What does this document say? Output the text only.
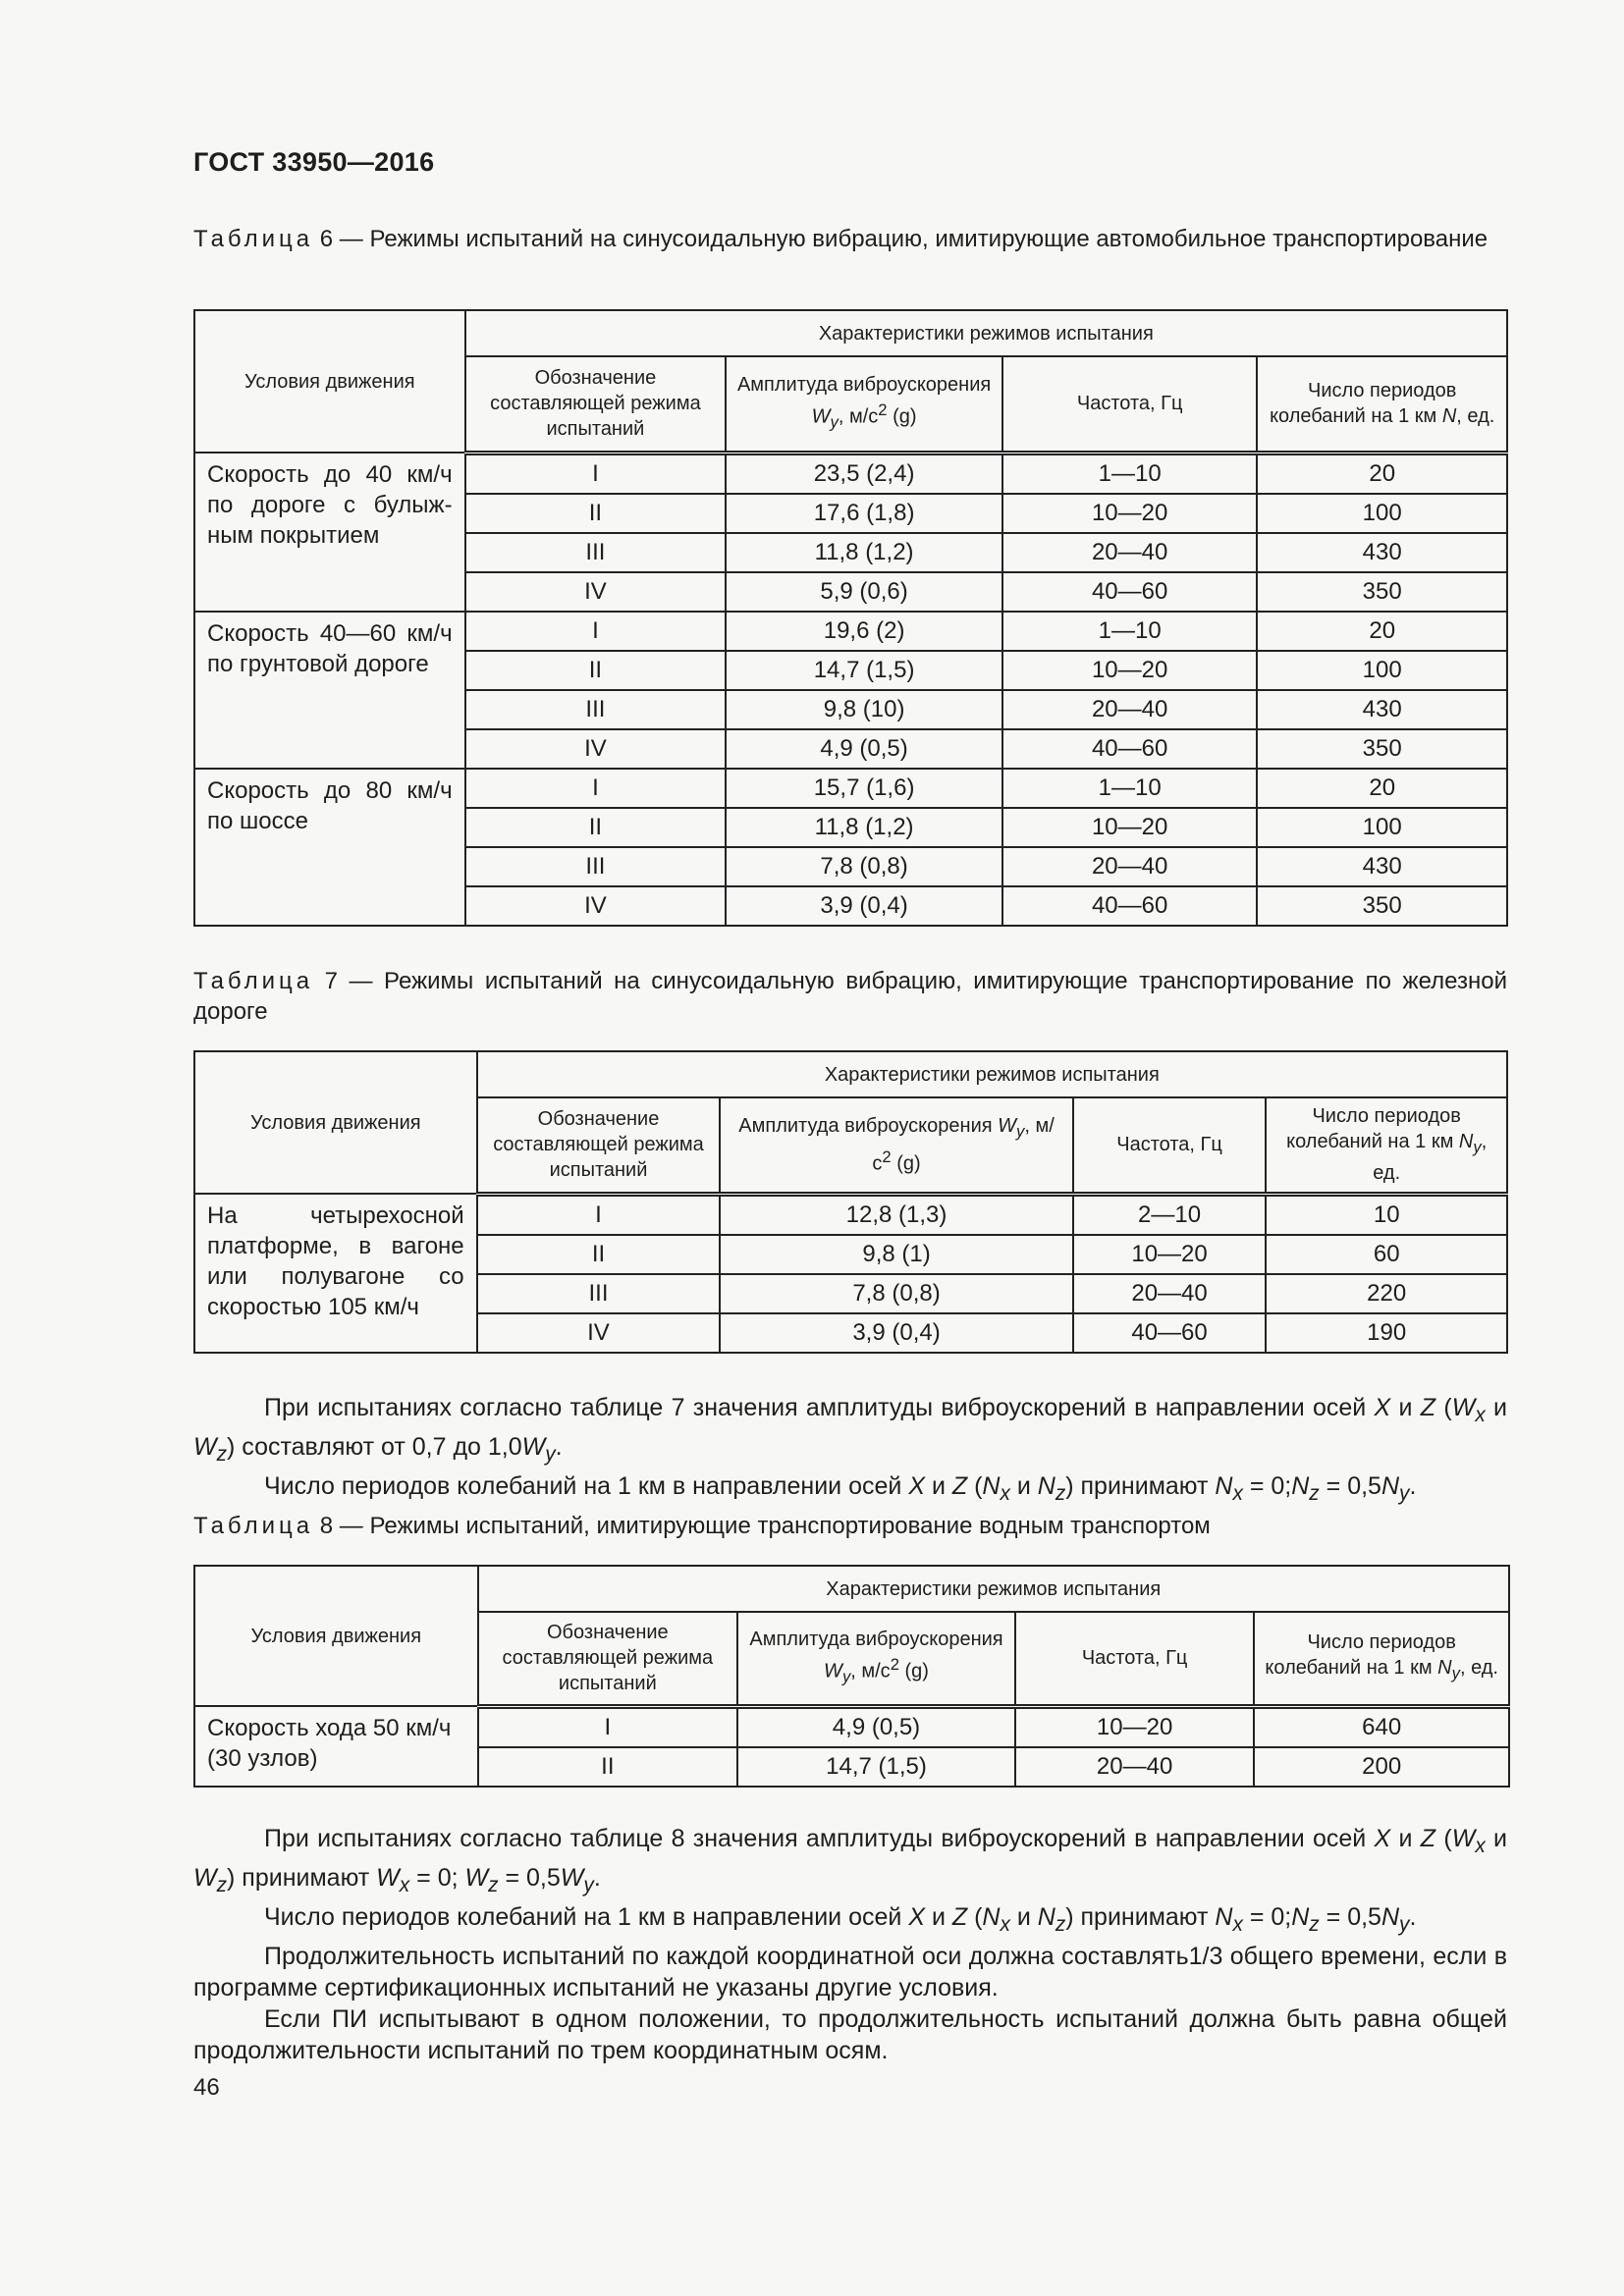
ГОСТ 33950—2016
Таблица 6 — Режимы испытаний на синусоидальную вибрацию, имитирующие автомобильное транспортирование
Условия движения	Характеристики режимов испытания			
	Обозначение составляющей режима испытаний	Амплитуда виброускорения $W_y$, $м/с^2$ (g)	Частота, Гц	Число периодов колебаний на 1 км N, ед.
Скорость до 40 км/ч по дороге с булыжным покрытием	I	23,5 (2,4)	1—10	20
	II	17,6 (1,8)	10—20	100
	III	11,8 (1,2)	20—40	430
	IV	5,9 (0,6)	40—60	350
Скорость 40—60 км/ч по грунтовой дороге	I	19,6 (2)	1—10	20
	II	14,7 (1,5)	10—20	100
	III	9,8 (10)	20—40	430
	IV	4,9 (0,5)	40—60	350
Скорость до 80 км/ч по шоссе	I	15,7 (1,6)	1—10	20
	II	11,8 (1,2)	10—20	100
	III	7,8 (0,8)	20—40	430
	IV	3,9 (0,4)	40—60	350
Таблица 7 — Режимы испытаний на синусоидальную вибрацию, имитирующие транспортирование по железной дороге
Условия движения	Характеристики режимов испытания			
	Обозначение составляющей режима испытаний	Амплитуда виброускорения $W_y$, $м/с^2$ (g)	Частота, Гц	Число периодов колебаний на 1 км $N_y$, ед.
На четырехосной платформе, в вагоне или полувагоне со скоростью 105 км/ч	I	12,8 (1,3)	2—10	10
	II	9,8 (1)	10—20	60
	III	7,8 (0,8)	20—40	220
	IV	3,9 (0,4)	40—60	190

При испытаниях согласно таблице 7 значения амплитуды виброускорений в направлении осей X и Z ($W_x$ и $W_z$) составляют от 0,7 до $1,0W_y$.

Число периодов колебаний на 1 км в направлении осей X и Z ($N_x$ и $N_z$) принимают $N_x$ = $0;N_z = 0,5N_y$.

Таблица 8 — Режимы испытаний, имитирующие транспортирование водным транспортом
Условия движения	Характеристики режимов испытания			
	Обозначение составляющей режима испытаний	Амплитуда виброускорения $W_y$, $м/с^2$ (g)	Частота, Гц	Число периодов колебаний на 1 км $N_y$, ед.
Скорость хода 50 км/ч (30 узлов)	I	4,9 (0,5)	10—20	640
	II	14,7 (1,5)	20—40	200

При испытаниях согласно таблице 8 значения амплитуды виброускорений в направлении осей X и Z ($W_x$ и $W_z$) принимают $W_x = 0$; $W_z = 0,5W_y$.

Число периодов колебаний на 1 км в направлении осей X и Z ($N_x$ и $N_z$) принимают $N_x$ = $0;N_z = 0,5N_y$.

Продолжительность испытаний по каждой координатной оси должна составлять1/3 общего времени, если в программе сертификационных испытаний не указаны другие условия.

Если ПИ испытывают в одном положении, то продолжительность испытаний должна быть равна общей продолжительности испытаний по трем координатным осям.

46
